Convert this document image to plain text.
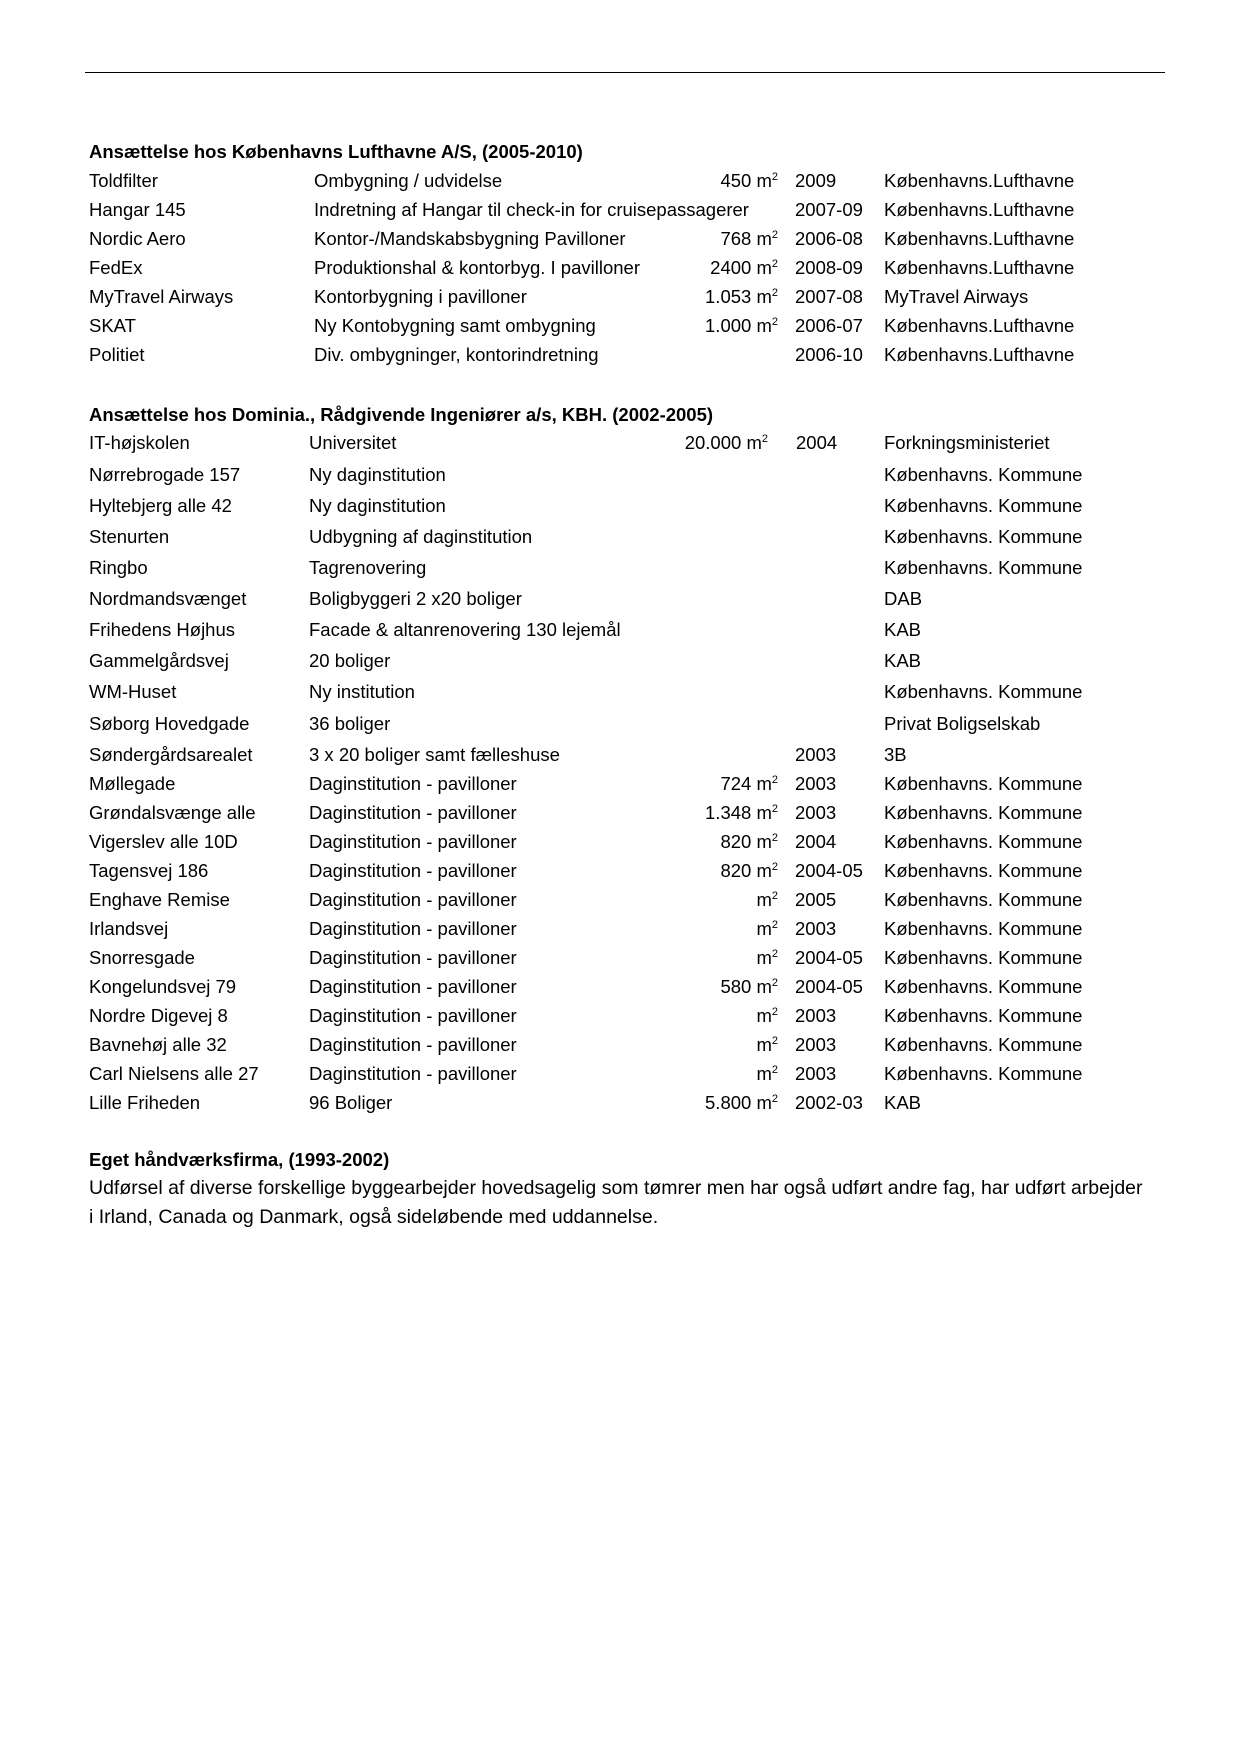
Ansættelse hos Københavns Lufthavne A/S, (2005-2010)
Toldfilter	Ombygning / udvidelse	450 $m^2$ 2009	Københavns.Lufthavne
Hangar 145	Indretning af Hangar til check-in for cruisepassagerer 2007-09 Københavns.Lufthavne
Nordic Aero	Kontor-/Mandskabsbygning Pavilloner	768 $m^2$ 2006-08 Københavns.Lufthavne
FedEx	Produktionshal & kontorbyg. I pavilloner	2400 $m^2$ 2008-09 Københavns.Lufthavne
MyTravel Airways	Kontorbygning i pavilloner	1.053 $m^2$ 2007-08 MyTravel Airways
SKAT	Ny Kontobygning samt ombygning	1.000 $m^2$ 2006-07 Københavns.Lufthavne
Politiet	Div. ombygninger, kontorindretning	2006-10 Københavns.Lufthavne
Ansættelse hos Dominia., Rådgivende Ingeniører a/s, KBH. (2002-2005)
IT-højskolen	Universitet	20.000 $m^2$ 2004	Forkningsministeriet
Nørrebrogade 157	Ny daginstitution	Københavns. Kommune
Hyltebjerg alle 42	Ny daginstitution	Københavns. Kommune
Stenurten	Udbygning af daginstitution	Københavns. Kommune
Ringbo	Tagrenovering	Københavns. Kommune
Nordmandsvænget	Boligbyggeri 2 x20 boliger	DAB
Frihedens Højhus	Facade & altanrenovering 130 lejemål	KAB
Gammelgårdsvej	20 boliger	KAB
WM-Huset	Ny institution	Københavns. Kommune
Søborg Hovedgade	36 boliger	Privat Boligselskab
Søndergårdsarealet	3 x 20 boliger samt fælleshuse	2003	3B
Møllegade	Daginstitution - pavilloner	724 $m^2$ 2003	Københavns. Kommune
Grøndalsvænge alle	Daginstitution - pavilloner	1.348 $m^2$ 2003	Københavns. Kommune
Vigerslev alle 10D	Daginstitution - pavilloner	820 $m^2$ 2004	Københavns. Kommune
Tagensvej 186	Daginstitution - pavilloner	820 $m^2$ 2004-05 Københavns. Kommune
Enghave Remise	Daginstitution - pavilloner	$m^2$ 2005	Københavns. Kommune
Irlandsvej	Daginstitution - pavilloner	$m^2$ 2003	Københavns. Kommune
Snorresgade	Daginstitution - pavilloner	$m^2$ 2004-05 Københavns. Kommune
Kongelundsvej 79	Daginstitution - pavilloner	580 $m^2$ 2004-05 Københavns. Kommune
Nordre Digevej 8	Daginstitution - pavilloner	$m^2$ 2003	Københavns. Kommune
Bavnehøj alle 32	Daginstitution - pavilloner	$m^2$ 2003	Københavns. Kommune
Carl Nielsens alle 27	Daginstitution - pavilloner	$m^2$ 2003	Københavns. Kommune
Lille Friheden	96 Boliger	5.800 $m^2$ 2002-03 KAB
Eget håndværksfirma, (1993-2002)
Udførsel af diverse forskellige byggearbejder hovedsagelig som tømrer men har også udført andre fag, har udført arbejder i Irland, Canada og Danmark, også sideløbende med uddannelse.
